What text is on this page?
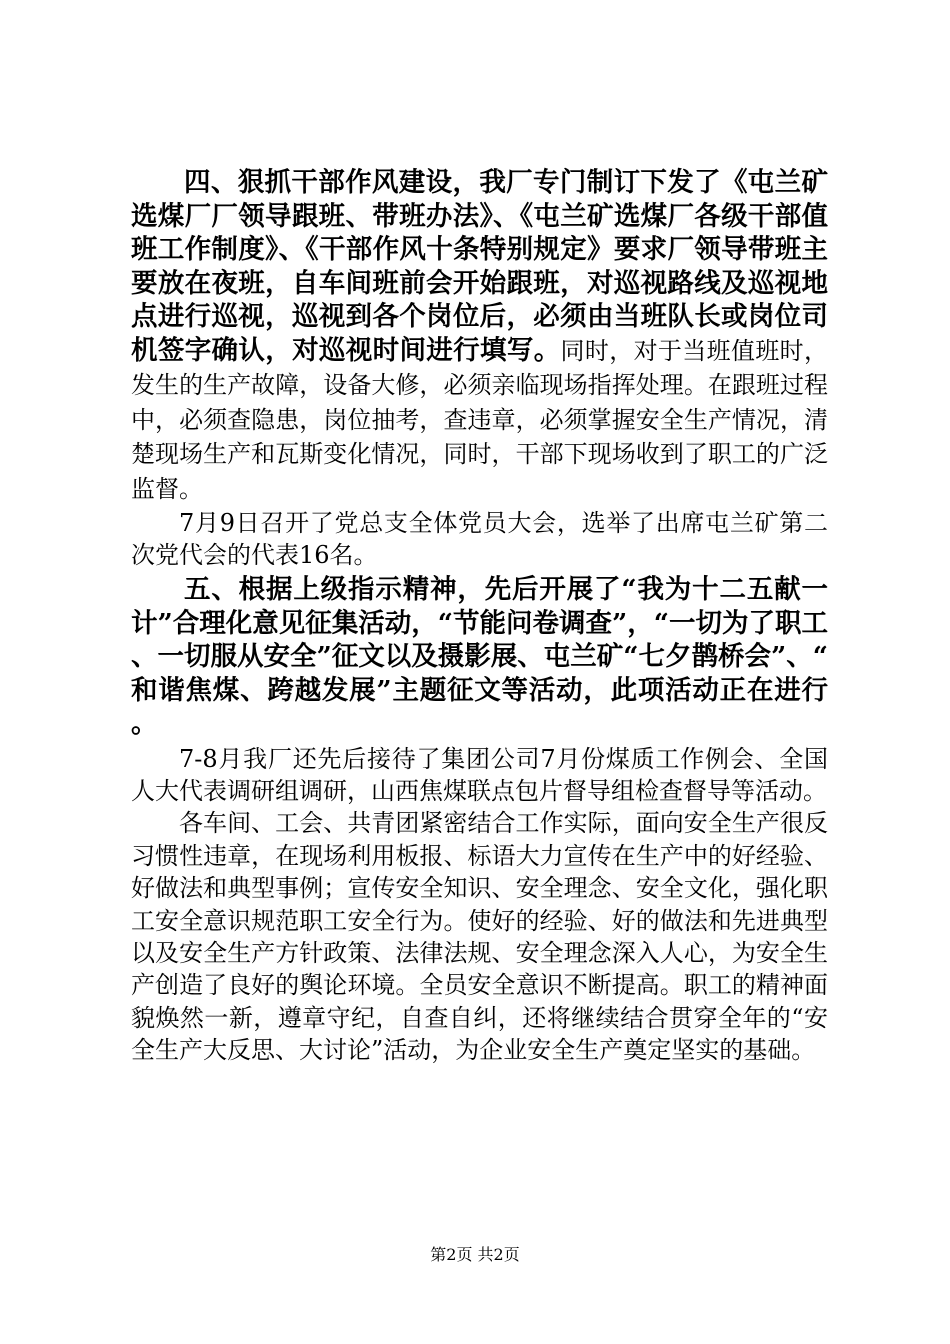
四、狠抓干部作风建设，我厂专门制订下发了《屯兰矿选煤厂厂领导跟班、带班办法》、《屯兰矿选煤厂各级干部值班工作制度》、《干部作风十条特别规定》要求厂领导带班主要放在夜班，自车间班前会开始跟班，对巡视路线及巡视地点进行巡视，巡视到各个岗位后，必须由当班队长或岗位司机签字确认，对巡视时间进行填写。同时，对于当班值班时，发生的生产故障，设备大修，必须亲临现场指挥处理。在跟班过程中，必须查隐患，岗位抽考，查违章，必须掌握安全生产情况，清楚现场生产和瓦斯变化情况，同时，干部下现场收到了职工的广泛监督。

7月9日召开了党总支全体党员大会，选举了出席屯兰矿第二次党代会的代表16名。

五、根据上级指示精神，先后开展了“我为十二五献一计”合理化意见征集活动，“节能问卷调查”，“一切为了职工、一切服从安全”征文以及摄影展、屯兰矿“七夕鹊桥会”、“和谐焦煤、跨越发展”主题征文等活动，此项活动正在进行。

7-8月我厂还先后接待了集团公司7月份煤质工作例会、全国人大代表调研组调研，山西焦煤联点包片督导组检查督导等活动。

各车间、工会、共青团紧密结合工作实际，面向安全生产很反习惯性违章，在现场利用板报、标语大力宣传在生产中的好经验、好做法和典型事例；宣传安全知识、安全理念、安全文化，强化职工安全意识规范职工安全行为。使好的经验、好的做法和先进典型以及安全生产方针政策、法律法规、安全理念深入人心，为安全生产创造了良好的舆论环境。全员安全意识不断提高。职工的精神面貌焕然一新，遵章守纪，自查自纠，还将继续结合贯穿全年的“安全生产大反思、大讨论”活动，为企业安全生产奠定坚实的基础。

第2页 共2页
